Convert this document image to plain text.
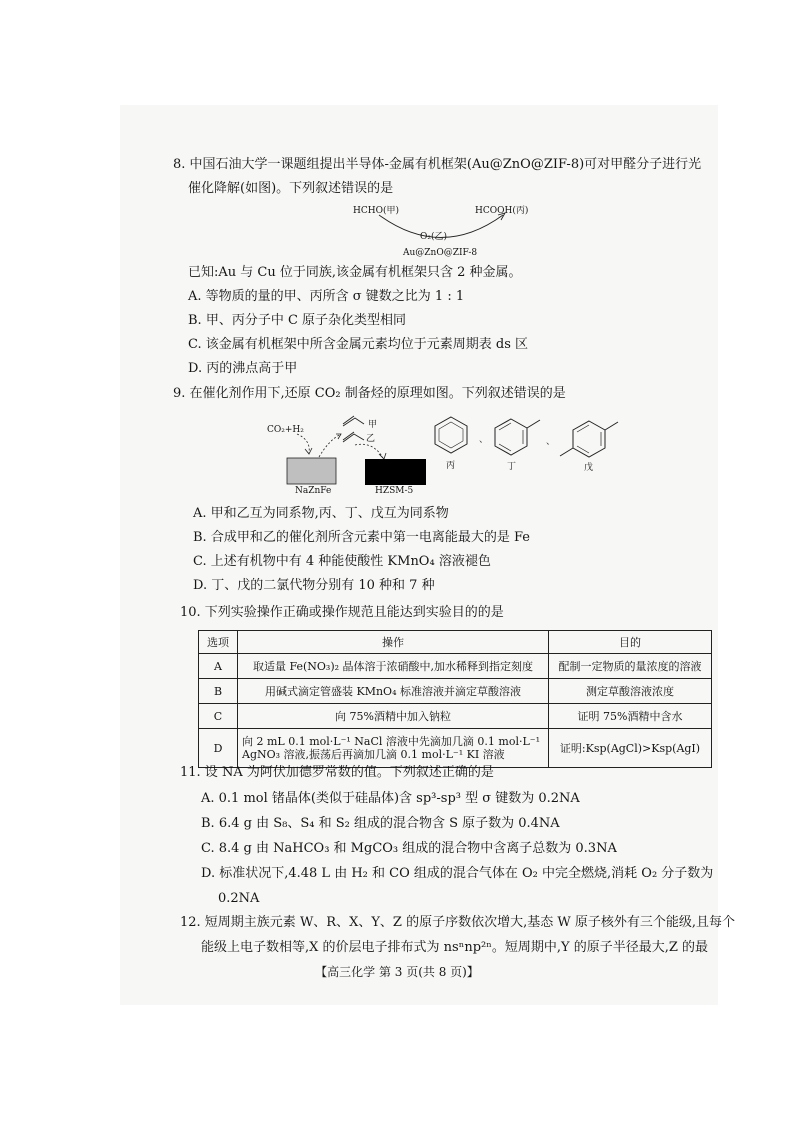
8. 中国石油大学一课题组提出半导体-金属有机框架(Au@ZnO@ZIF-8)可对甲醛分子进行光
催化降解(如图)。下列叙述错误的是
HCHO(甲)	HCOOH(丙)
O₂(乙)
Au@ZnO@ZIF-8
已知:Au 与 Cu 位于同族,该金属有机框架只含 2 种金属。
A. 等物质的量的甲、丙所含 σ 键数之比为 1 : 1
B. 甲、丙分子中 C 原子杂化类型相同
C. 该金属有机框架中所含金属元素均位于元素周期表 ds 区
D. 丙的沸点高于甲
9. 在催化剂作用下,还原 CO₂ 制备烃的原理如图。下列叙述错误的是
CO₂+H₂	甲
乙
NaZnFe	HZSM-5
丙	丁	戊
、	、
A. 甲和乙互为同系物,丙、丁、戊互为同系物
B. 合成甲和乙的催化剂所含元素中第一电离能最大的是 Fe
C. 上述有机物中有 4 种能使酸性 KMnO₄ 溶液褪色
D. 丁、戊的二氯代物分别有 10 种和 7 种
10. 下列实验操作正确或操作规范且能达到实验目的的是
选项	操作	目的
A	取适量 Fe(NO₃)₂ 晶体溶于浓硝酸中,加水稀释到指定刻度	配制一定物质的量浓度的溶液
B	用碱式滴定管盛装 KMnO₄ 标准溶液并滴定草酸溶液	测定草酸溶液浓度
C	向 75%酒精中加入钠粒	证明 75%酒精中含水
D	向 2 mL 0.1 mol·L⁻¹ NaCl 溶液中先滴加几滴 0.1 mol·L⁻¹
AgNO₃ 溶液,振荡后再滴加几滴 0.1 mol·L⁻¹ KI 溶液	证明:Ksp(AgCl)>Ksp(AgI)
11. 设 NA 为阿伏加德罗常数的值。下列叙述正确的是
A. 0.1 mol 锗晶体(类似于硅晶体)含 sp³-sp³ 型 σ 键数为 0.2NA
B. 6.4 g 由 S₈、S₄ 和 S₂ 组成的混合物含 S 原子数为 0.4NA
C. 8.4 g 由 NaHCO₃ 和 MgCO₃ 组成的混合物中含离子总数为 0.3NA
D. 标准状况下,4.48 L 由 H₂ 和 CO 组成的混合气体在 O₂ 中完全燃烧,消耗 O₂ 分子数为
0.2NA
12. 短周期主族元素 W、R、X、Y、Z 的原子序数依次增大,基态 W 原子核外有三个能级,且每个
能级上电子数相等,X 的价层电子排布式为 nsⁿnp²ⁿ。短周期中,Y 的原子半径最大,Z 的最
【高三化学 第 3 页(共 8 页)】
